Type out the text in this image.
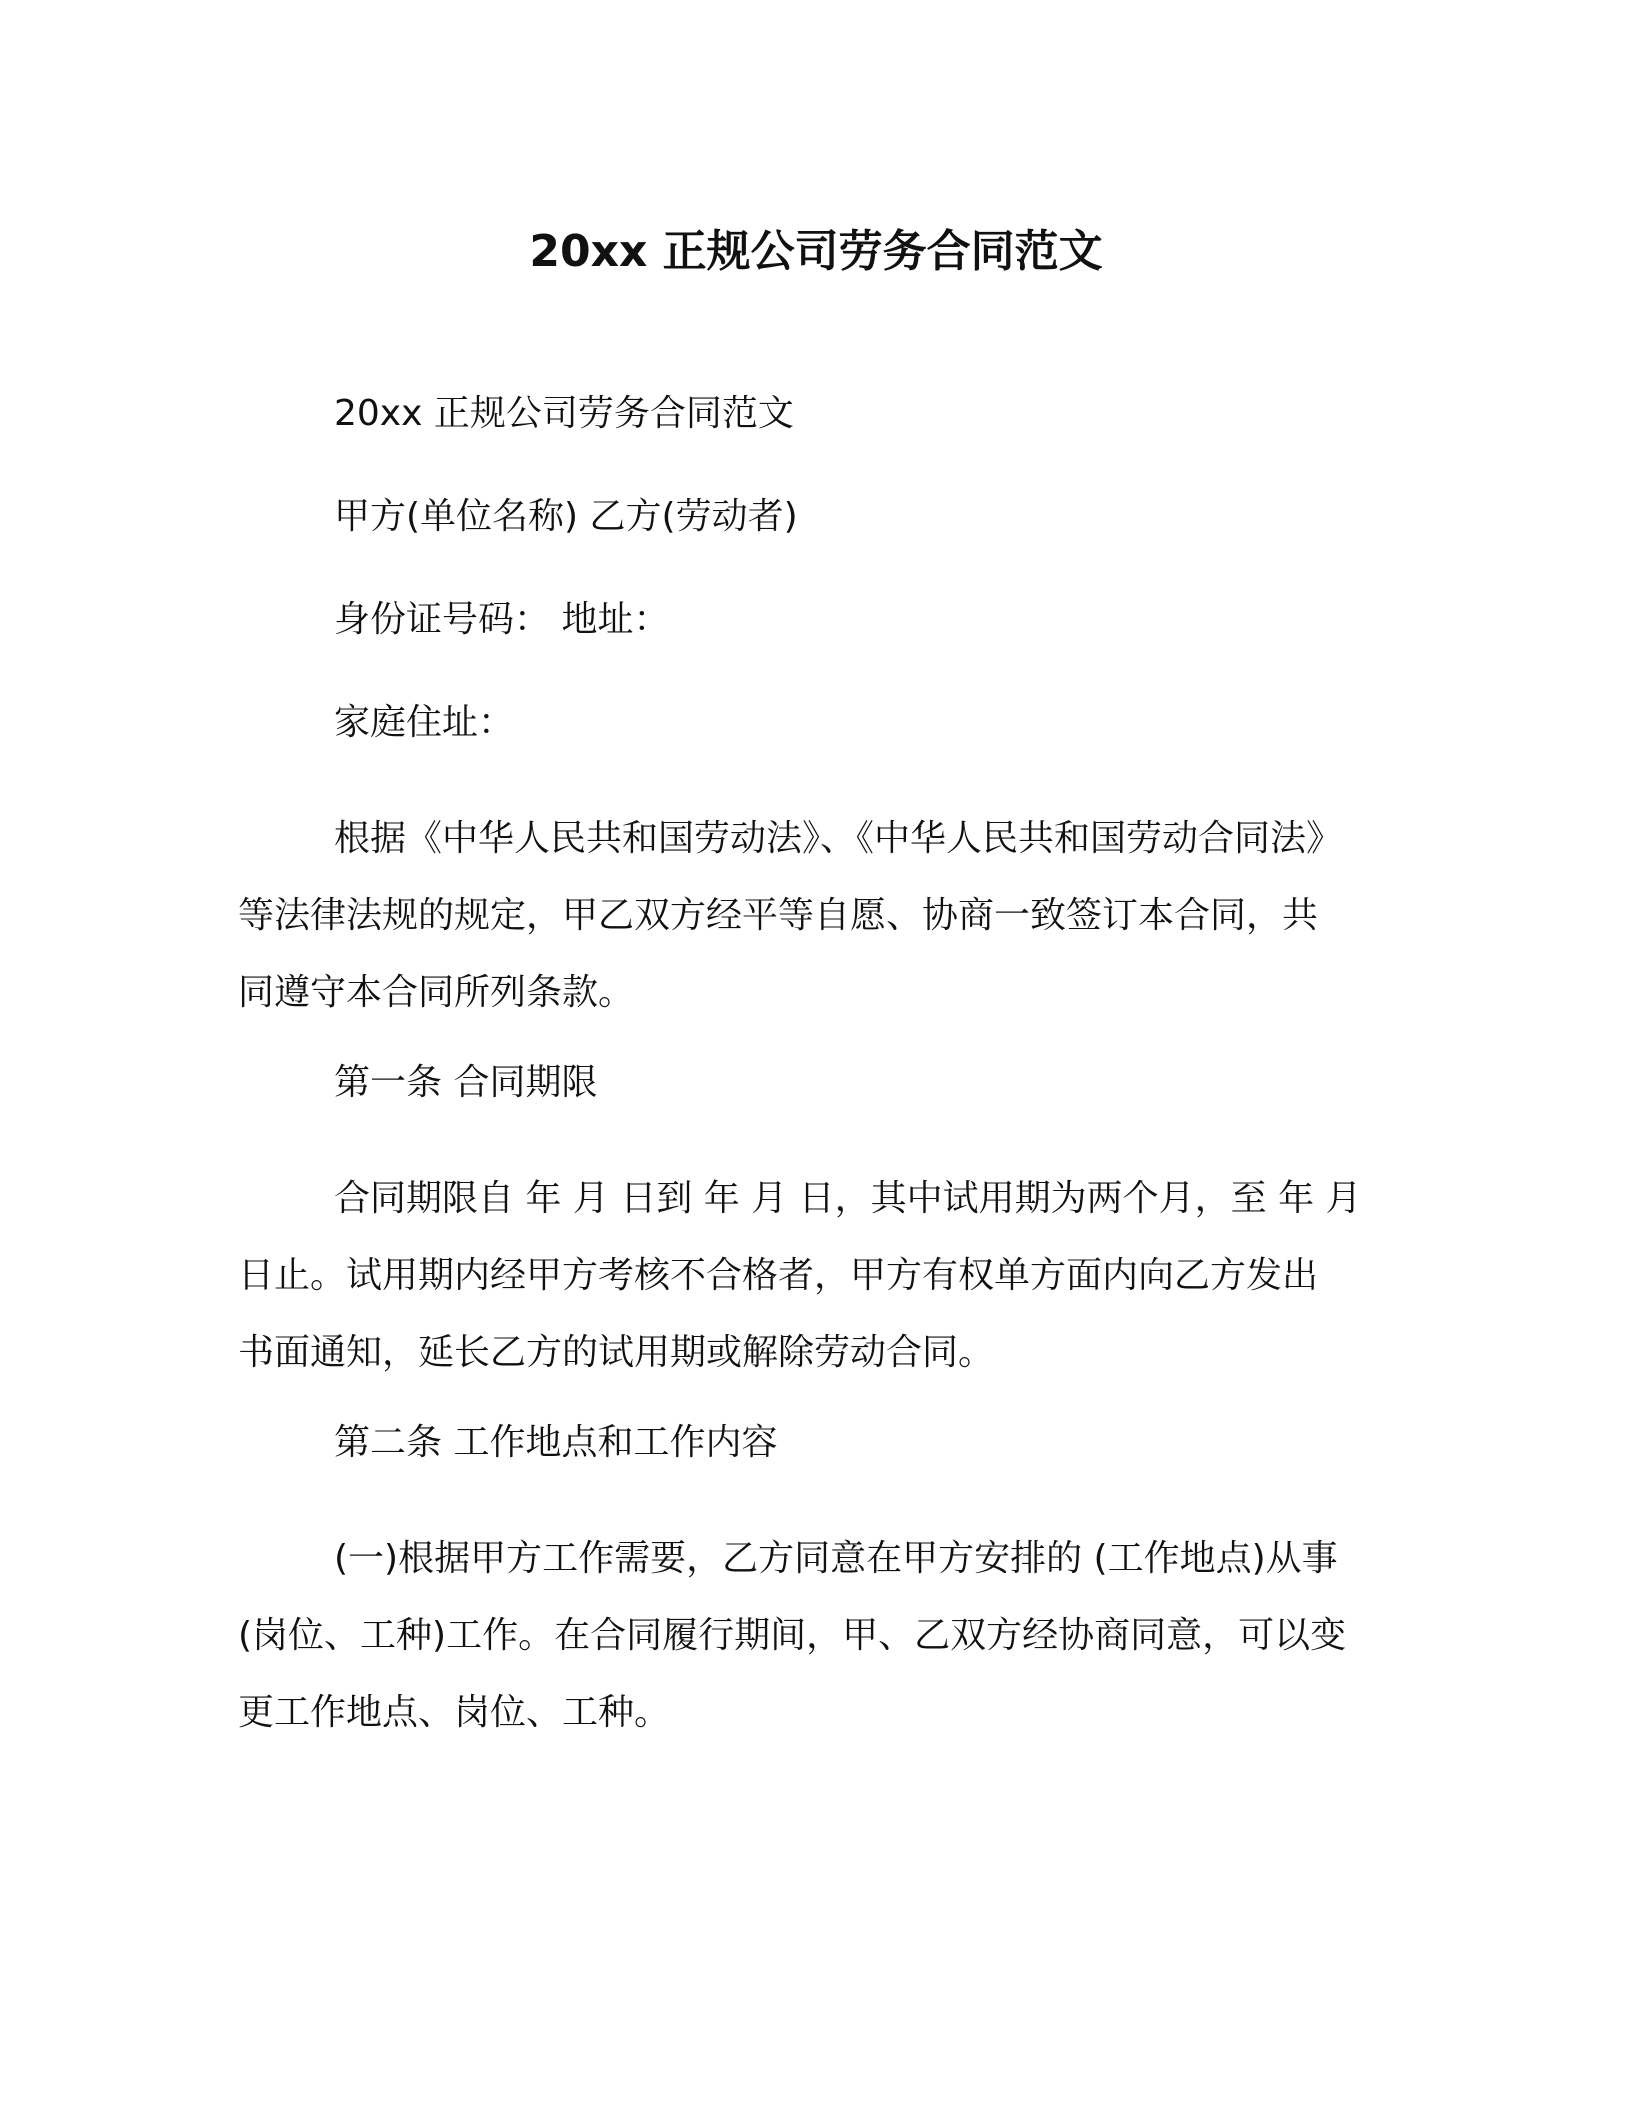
20xx 正规公司劳务合同范文

20xx 正规公司劳务合同范文

甲方(单位名称) 乙方(劳动者)

身份证号码： 地址：

家庭住址：

根据《中华人民共和国劳动法》、《中华人民共和国劳动合同法》
等法律法规的规定，甲乙双方经平等自愿、协商一致签订本合同，共
同遵守本合同所列条款。

第一条 合同期限

合同期限自 年 月 日到 年 月 日，其中试用期为两个月，至 年 月
日止。试用期内经甲方考核不合格者，甲方有权单方面内向乙方发出
书面通知，延长乙方的试用期或解除劳动合同。

第二条 工作地点和工作内容

(一)根据甲方工作需要，乙方同意在甲方安排的 (工作地点)从事
(岗位、工种)工作。在合同履行期间，甲、乙双方经协商同意，可以变
更工作地点、岗位、工种。
